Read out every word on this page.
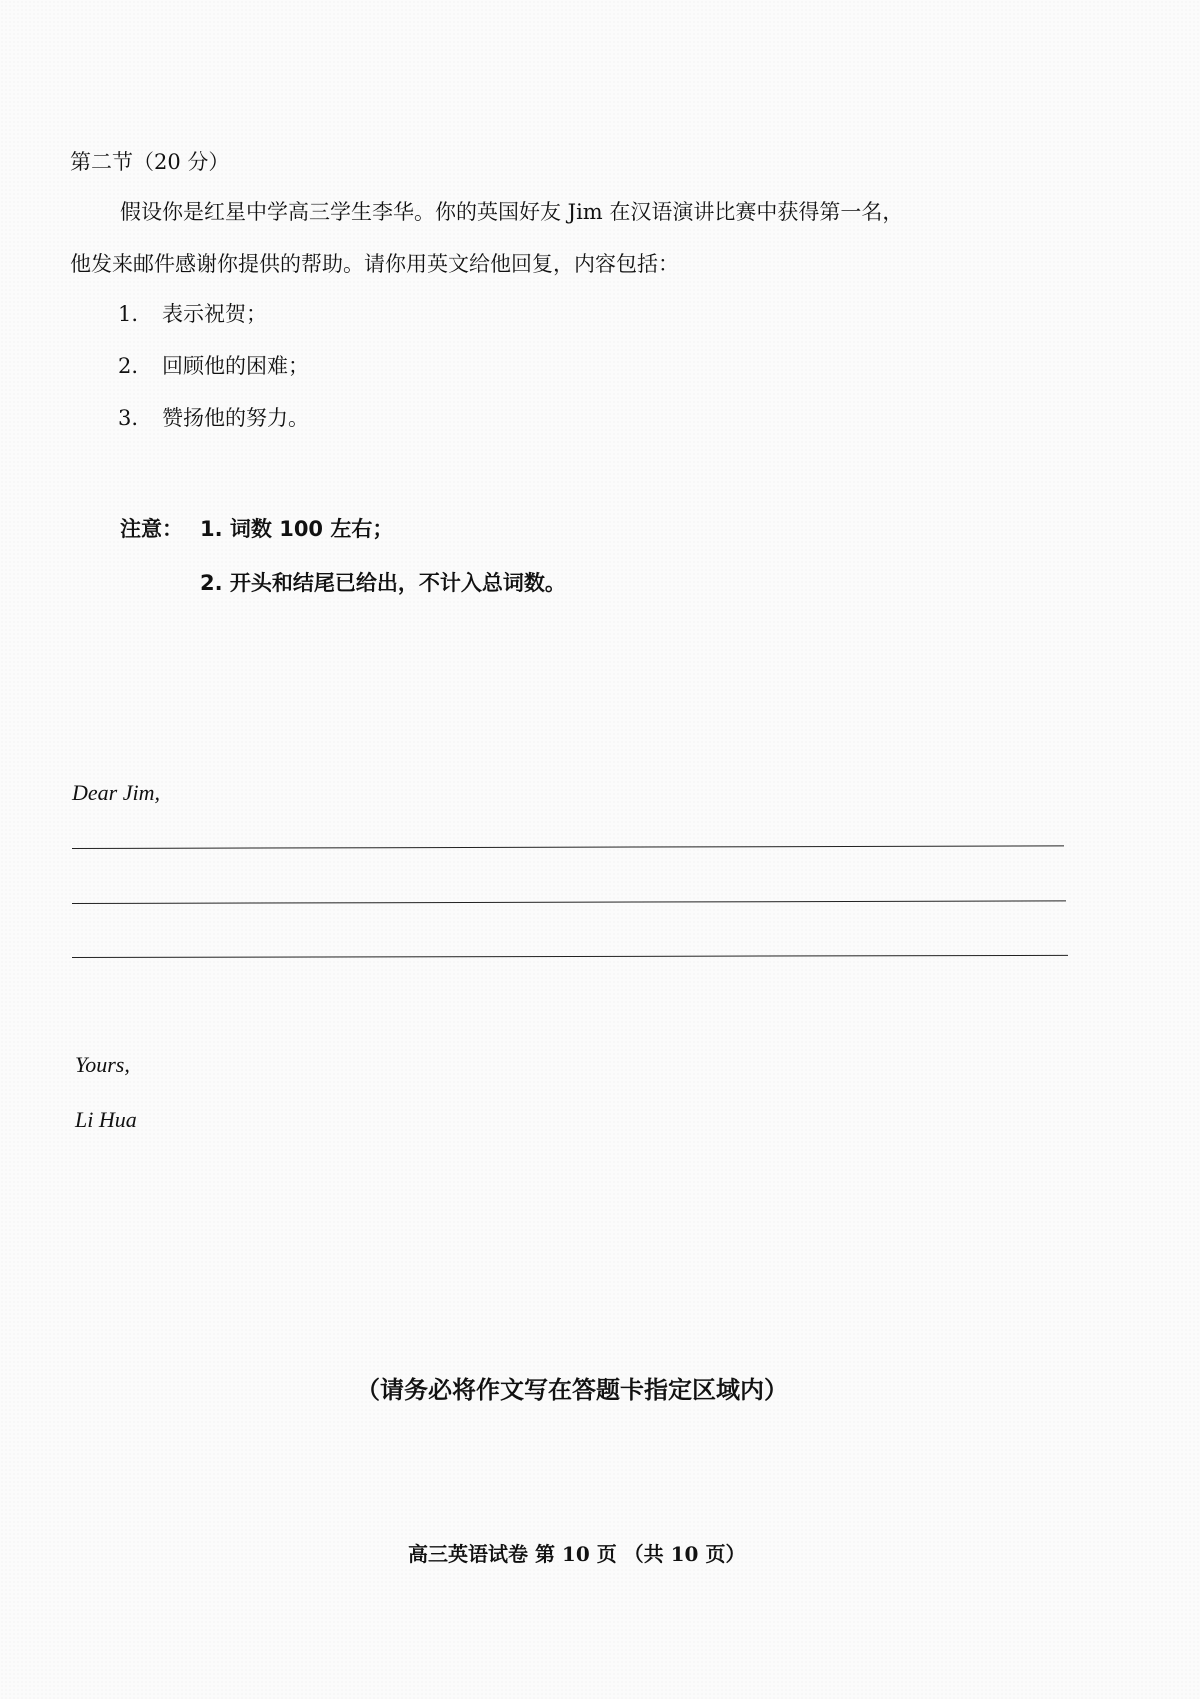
第二节（20 分）
假设你是红星中学高三学生李华。你的英国好友 Jim 在汉语演讲比赛中获得第一名，
他发来邮件感谢你提供的帮助。请你用英文给他回复，内容包括：
1. 表示祝贺；
2. 回顾他的困难；
3. 赞扬他的努力。
注意： 1. 词数 100 左右；
2. 开头和结尾已给出，不计入总词数。
Dear Jim,
Yours,
Li Hua
（请务必将作文写在答题卡指定区域内）
高三英语试卷 第 10 页 （共 10 页）
